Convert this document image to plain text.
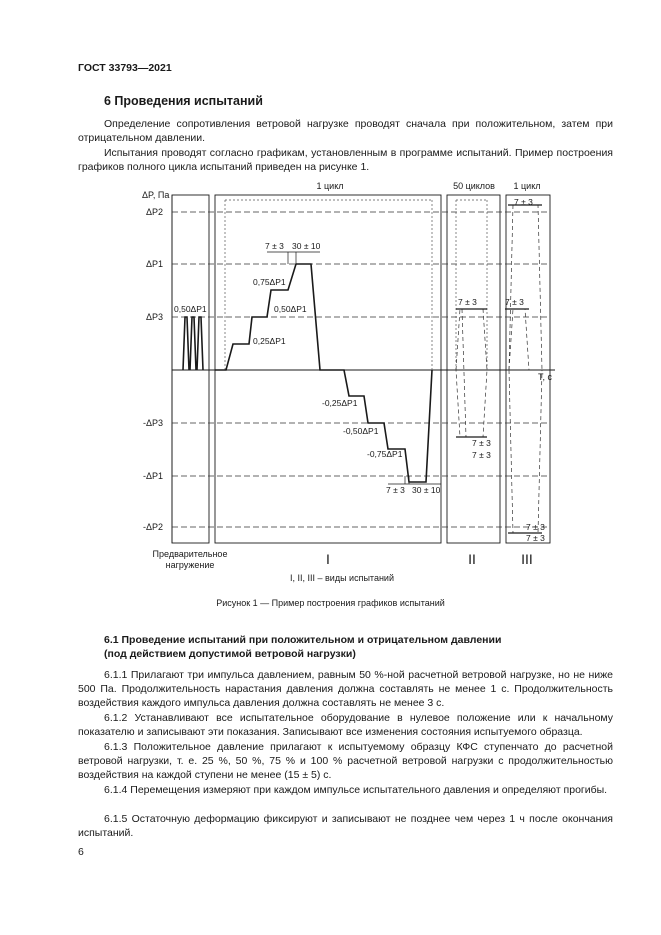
ГОСТ 33793—2021
6 Проведения испытаний
Определение сопротивления ветровой нагрузке проводят сначала при положительном, затем при отрицательном давлении.
Испытания проводят согласно графикам, установленным в программе испытаний. Пример построения графиков полного цикла испытаний приведен на рисунке 1.
ΔP, Па
ΔP2
ΔP1
ΔP3
-ΔP3
-ΔP1
-ΔP2
1 цикл	50 циклов 1 цикл
0,50ΔP1
0,25ΔP1
0,50ΔP1
0,75ΔP1
-0,25ΔP1
-0,50ΔP1
-0,75ΔP1
7 ± 3 30 ± 10
7 ± 3 30 ± 10
7 ± 3
7 ± 3
7 ± 3
7 ± 3
7 ± 3
7 ± 3
7 ± 3
T, с
Предварительное
нагружение	I	II	III
I, II, III – виды испытаний
Рисунок 1 — Пример построения графиков испытаний
6.1 Проведение испытаний при положительном и отрицательном давлении
(под действием допустимой ветровой нагрузки)
6.1.1 Прилагают три импульса давлением, равным 50 %-ной расчетной ветровой нагрузке, но не ниже 500 Па. Продолжительность нарастания давления должна составлять не менее 1 с. Продолжительность воздействия каждого импульса давления должна составлять не менее 3 с.
6.1.2 Устанавливают все испытательное оборудование в нулевое положение или к начальному показателю и записывают эти показания. Записывают все изменения состояния испытуемого образца.
6.1.3 Положительное давление прилагают к испытуемому образцу КФС ступенчато до расчетной ветровой нагрузки, т. е. 25 %, 50 %, 75 % и 100 % расчетной ветровой нагрузки с продолжительностью воздействия на каждой ступени не менее (15 ± 5) с.
6.1.4 Перемещения измеряют при каждом импульсе испытательного давления и определяют прогибы.
6.1.5 Остаточную деформацию фиксируют и записывают не позднее чем через 1 ч после окончания испытаний.
6
